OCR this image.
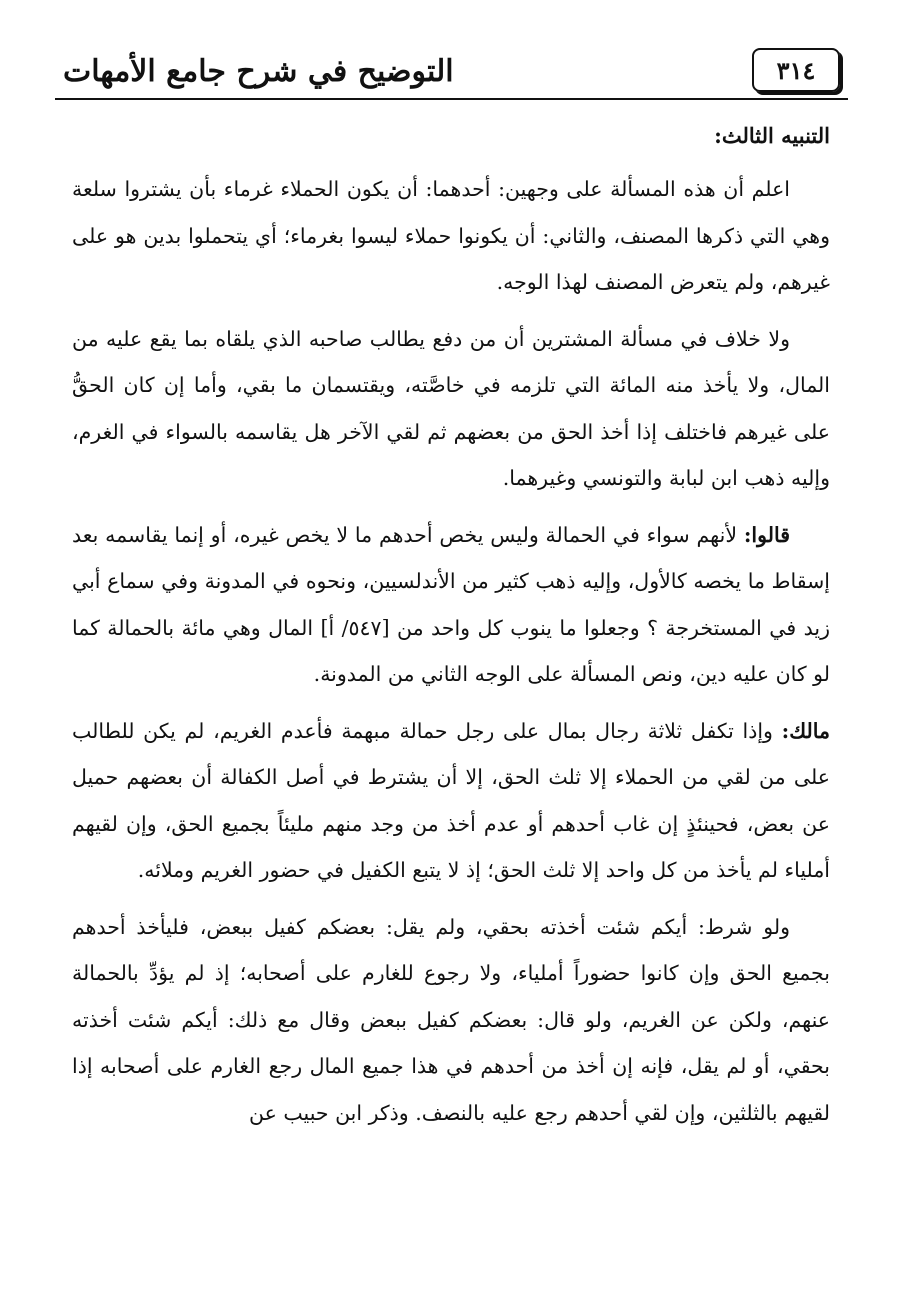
التوضيح في شرح جامع الأمهات	٣١٤
التنبيه الثالث:

اعلم أن هذه المسألة على وجهين: أحدهما: أن يكون الحملاء غرماء بأن يشتروا سلعة وهي التي ذكرها المصنف، والثاني: أن يكونوا حملاء ليسوا بغرماء؛ أي يتحملوا بدين هو على غيرهم، ولم يتعرض المصنف لهذا الوجه.

ولا خلاف في مسألة المشترين أن من دفع يطالب صاحبه الذي يلقاه بما يقع عليه من المال، ولا يأخذ منه المائة التي تلزمه في خاصَّته، ويقتسمان ما بقي، وأما إن كان الحقُّ على غيرهم فاختلف إذا أخذ الحق من بعضهم ثم لقي الآخر هل يقاسمه بالسواء في الغرم، وإليه ذهب ابن لبابة والتونسي وغيرهما.

قالوا: لأنهم سواء في الحمالة وليس يخص أحدهم ما لا يخص غيره، أو إنما يقاسمه بعد إسقاط ما يخصه كالأول، وإليه ذهب كثير من الأندلسيين، ونحوه في المدونة وفي سماع أبي زيد في المستخرجة ؟ وجعلوا ما ينوب كل واحد من [٥٤٧/ أ] المال وهي مائة بالحمالة كما لو كان عليه دين، ونص المسألة على الوجه الثاني من المدونة.

مالك: وإذا تكفل ثلاثة رجال بمال على رجل حمالة مبهمة فأعدم الغريم، لم يكن للطالب على من لقي من الحملاء إلا ثلث الحق، إلا أن يشترط في أصل الكفالة أن بعضهم حميل عن بعض، فحينئذٍ إن غاب أحدهم أو عدم أخذ من وجد منهم مليئاً بجميع الحق، وإن لقيهم أملياء لم يأخذ من كل واحد إلا ثلث الحق؛ إذ لا يتبع الكفيل في حضور الغريم وملائه.

ولو شرط: أيكم شئت أخذته بحقي، ولم يقل: بعضكم كفيل ببعض، فليأخذ أحدهم بجميع الحق وإن كانوا حضوراً أملياء، ولا رجوع للغارم على أصحابه؛ إذ لم يؤدِّ بالحمالة عنهم، ولكن عن الغريم، ولو قال: بعضكم كفيل ببعض وقال مع ذلك: أيكم شئت أخذته بحقي، أو لم يقل، فإنه إن أخذ من أحدهم في هذا جميع المال رجع الغارم على أصحابه إذا لقيهم بالثلثين، وإن لقي أحدهم رجع عليه بالنصف. وذكر ابن حبيب عن
